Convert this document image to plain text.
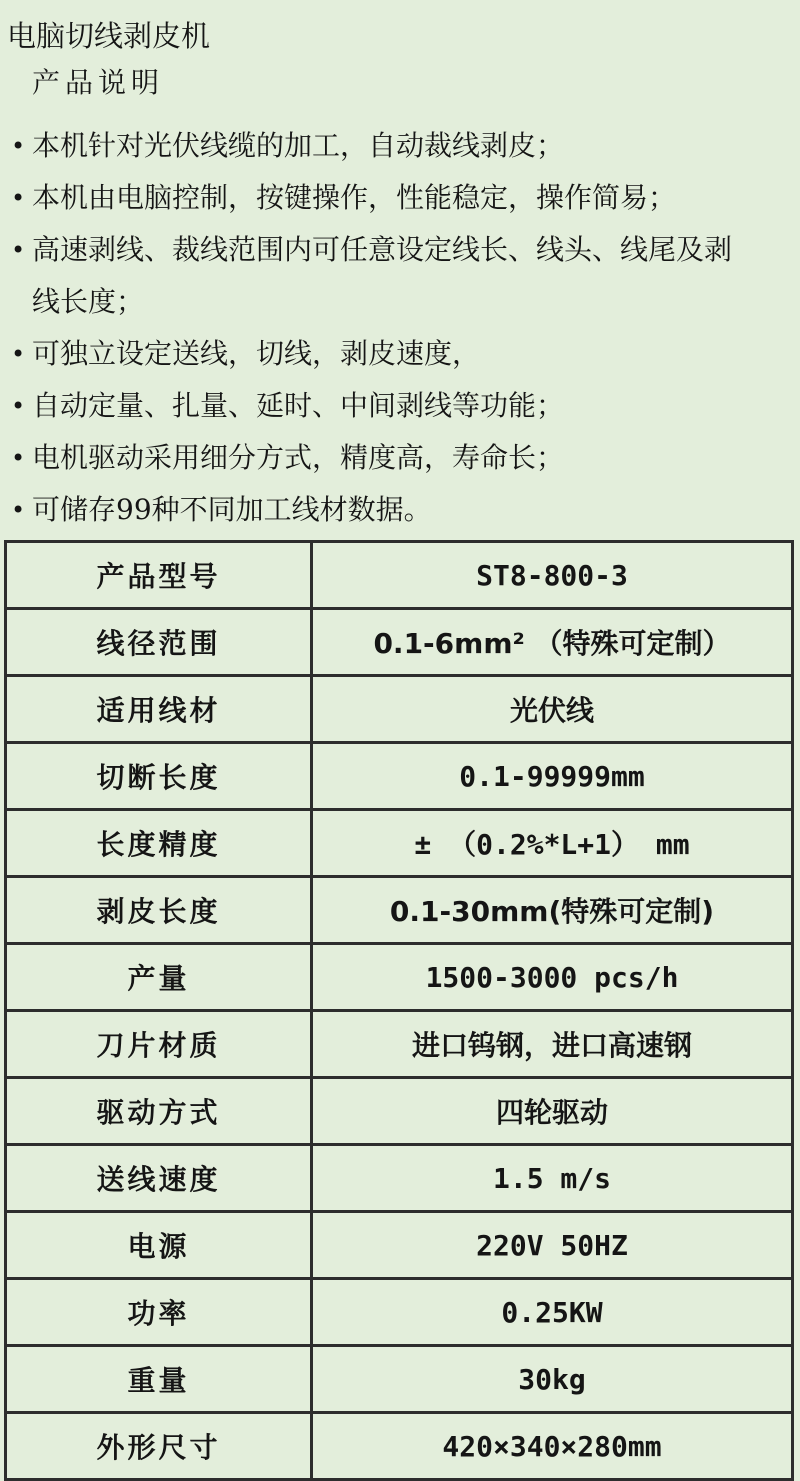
电脑切线剥皮机
产品说明
• 本机针对光伏线缆的加工，自动裁线剥皮；
• 本机由电脑控制，按键操作，性能稳定，操作简易；
• 高速剥线、裁线范围内可任意设定线长、线头、线尾及剥线长度；
• 可独立设定送线，切线，剥皮速度，
• 自动定量、扎量、延时、中间剥线等功能；
• 电机驱动采用细分方式，精度高，寿命长；
• 可储存99种不同加工线材数据。
产品型号	ST8-800-3
线径范围	0.1-6mm² （特殊可定制）
适用线材	光伏线
切断长度	0.1-99999mm
长度精度	± （0.2%*L+1） mm
剥皮长度	0.1-30mm(特殊可定制)
产量	1500-3000 pcs/h
刀片材质	进口钨钢，进口高速钢
驱动方式	四轮驱动
送线速度	1.5 m/s
电源	220V 50HZ
功率	0.25KW
重量	30kg
外形尺寸	420×340×280mm
